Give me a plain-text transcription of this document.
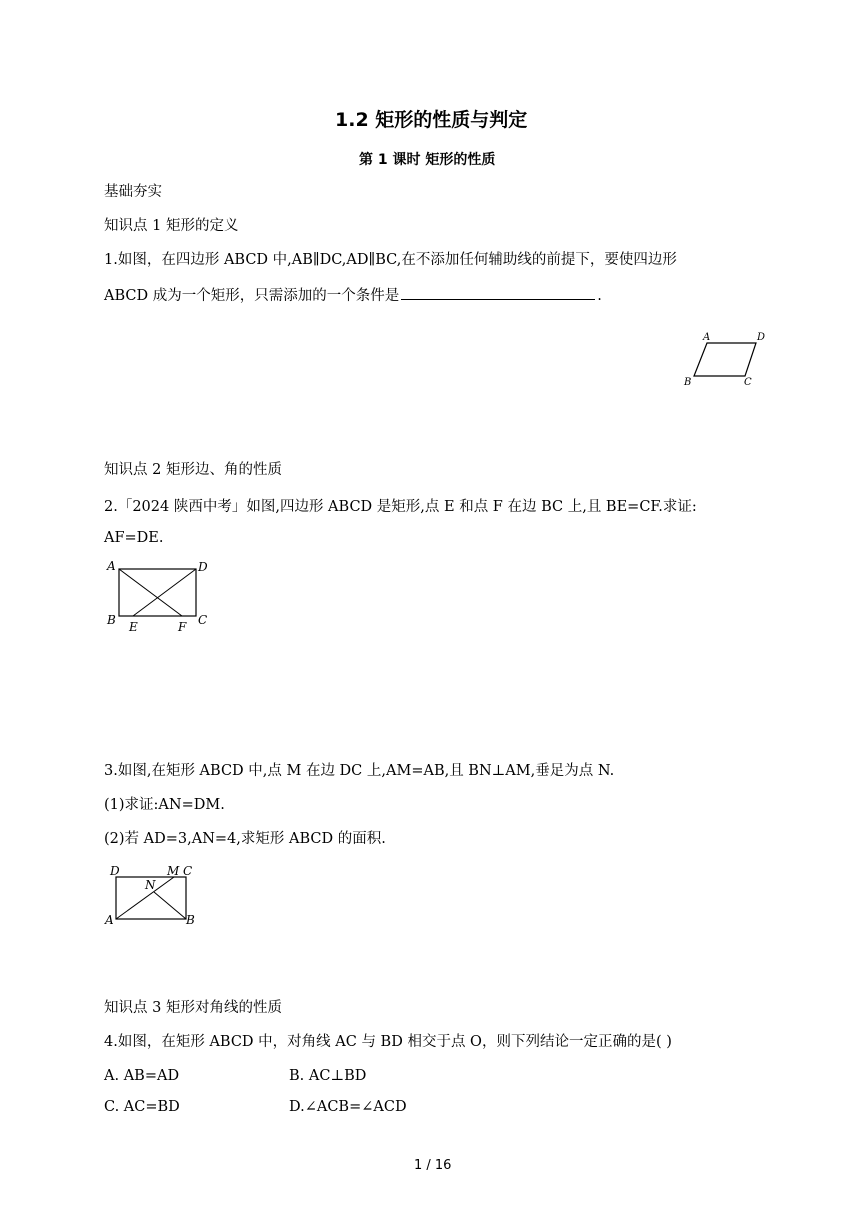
1.2 矩形的性质与判定
第 1 课时 矩形的性质
基础夯实
知识点 1 矩形的定义
1.如图，在四边形 ABCD 中,AB∥DC,AD∥BC,在不添加任何辅助线的前提下，要使四边形
ABCD 成为一个矩形，只需添加的一个条件是	.
A	D
B	C
知识点 2 矩形边、角的性质
2.「2024 陕西中考」如图,四边形 ABCD 是矩形,点 E 和点 F 在边 BC 上,且 BE=CF.求证:
AF=DE.
A	D
B	C
E	F
3.如图,在矩形 ABCD 中,点 M 在边 DC 上,AM=AB,且 BN⊥AM,垂足为点 N.
(1)求证:AN=DM.
(2)若 AD=3,AN=4,求矩形 ABCD 的面积.
D	M C
N
A	B
知识点 3 矩形对角线的性质
4.如图，在矩形 ABCD 中，对角线 AC 与 BD 相交于点 O，则下列结论一定正确的是( )
A. AB=AD	B. AC⊥BD
C. AC=BD	D.∠ACB=∠ACD
1 / 16
